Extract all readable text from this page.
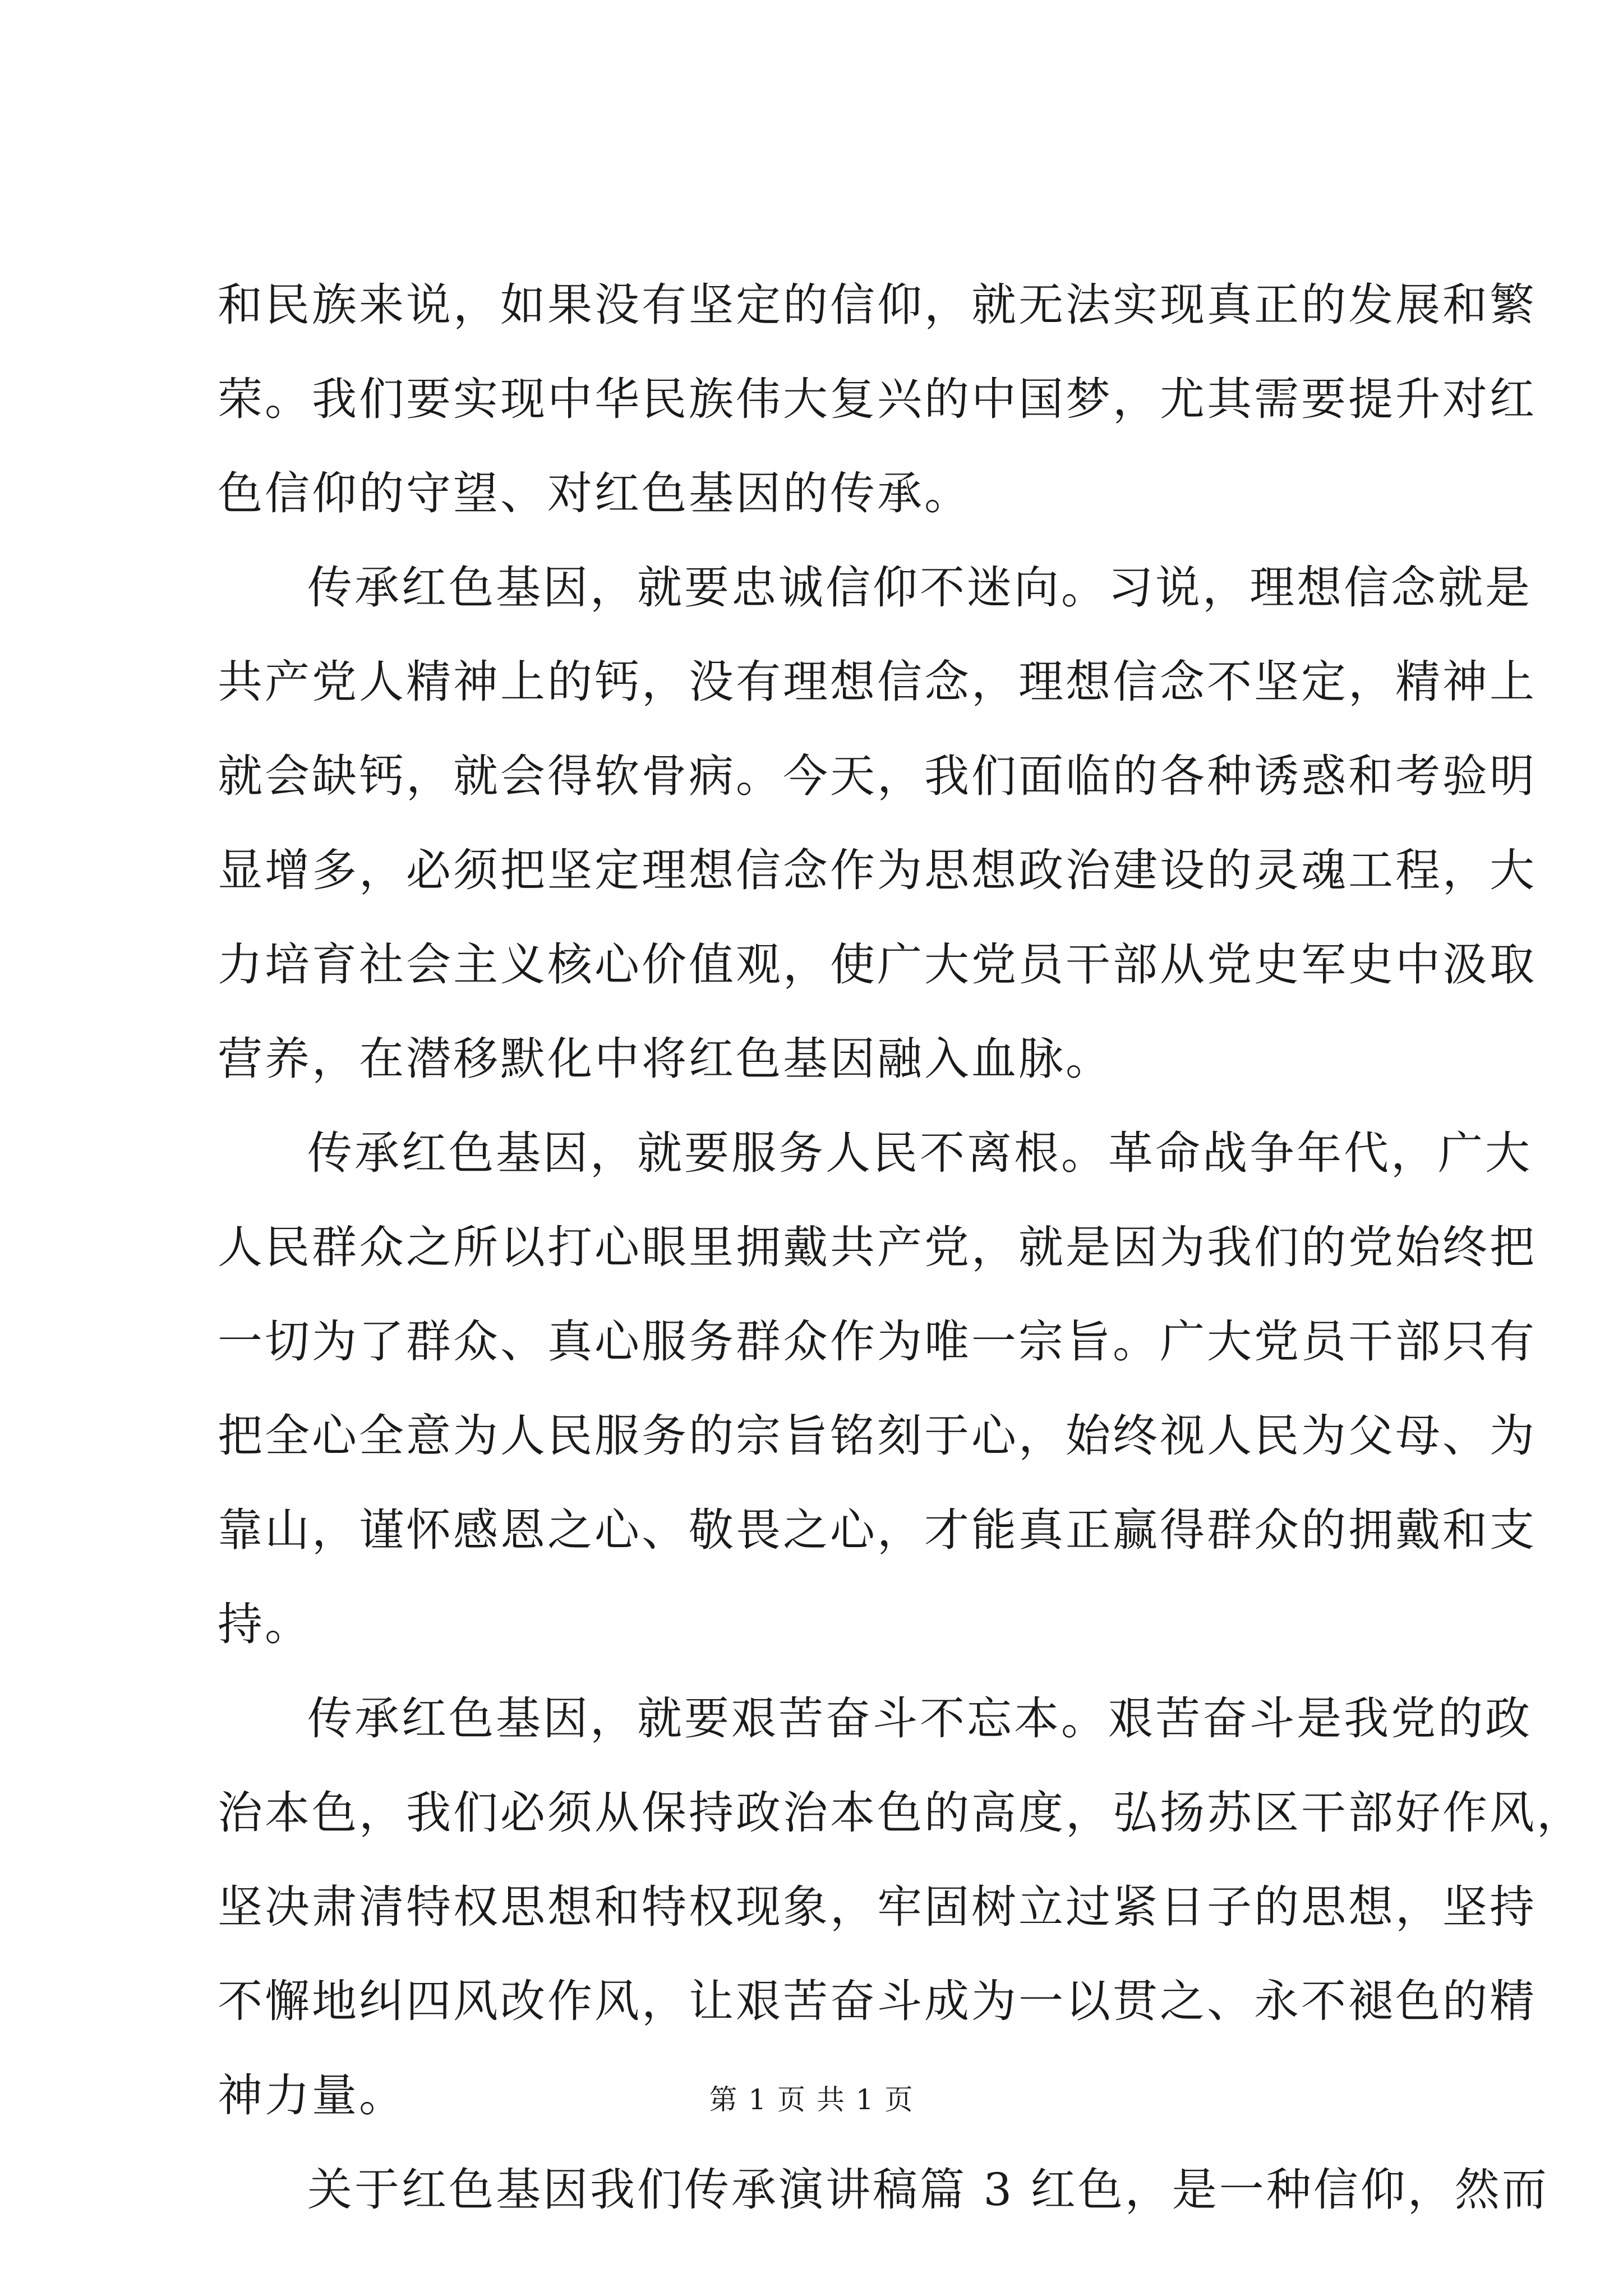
和民族来说，如果没有坚定的信仰，就无法实现真正的发展和繁
荣。我们要实现中华民族伟大复兴的中国梦，尤其需要提升对红
色信仰的守望、对红色基因的传承。
传承红色基因，就要忠诚信仰不迷向。习说，理想信念就是
共产党人精神上的钙，没有理想信念，理想信念不坚定，精神上
就会缺钙，就会得软骨病。今天，我们面临的各种诱惑和考验明
显增多，必须把坚定理想信念作为思想政治建设的灵魂工程，大
力培育社会主义核心价值观，使广大党员干部从党史军史中汲取
营养，在潜移默化中将红色基因融入血脉。
传承红色基因，就要服务人民不离根。革命战争年代，广大
人民群众之所以打心眼里拥戴共产党，就是因为我们的党始终把
一切为了群众、真心服务群众作为唯一宗旨。广大党员干部只有
把全心全意为人民服务的宗旨铭刻于心，始终视人民为父母、为
靠山，谨怀感恩之心、敬畏之心，才能真正赢得群众的拥戴和支
持。
传承红色基因，就要艰苦奋斗不忘本。艰苦奋斗是我党的政
治本色，我们必须从保持政治本色的高度，弘扬苏区干部好作风，
坚决肃清特权思想和特权现象，牢固树立过紧日子的思想，坚持
不懈地纠四风改作风，让艰苦奋斗成为一以贯之、永不褪色的精
神力量。
关于红色基因我们传承演讲稿篇 3 红色，是一种信仰，然而
第 1 页 共 1 页
